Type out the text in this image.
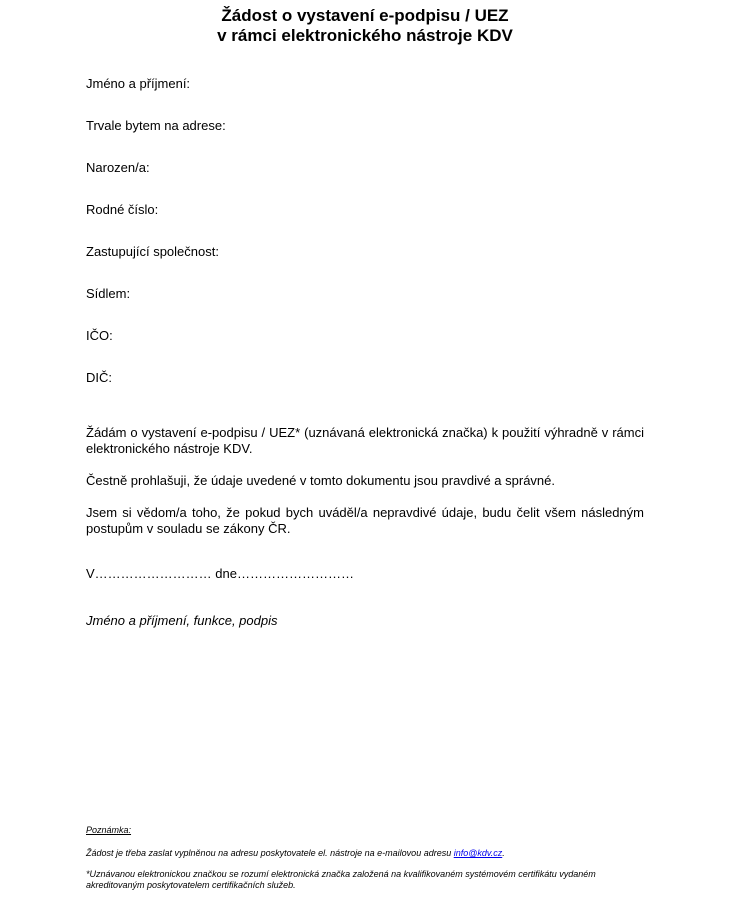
Žádost o vystavení e-podpisu / UEZ
v rámci elektronického nástroje KDV
Jméno a příjmení:
Trvale bytem na adrese:
Narozen/a:
Rodné číslo:
Zastupující společnost:
Sídlem:
IČO:
DIČ:
Žádám o vystavení e-podpisu / UEZ* (uznávaná elektronická značka) k použití výhradně v rámci elektronického nástroje KDV.
Čestně prohlašuji, že údaje uvedené v tomto dokumentu jsou pravdivé a správné.
Jsem si vědom/a toho, že pokud bych uváděl/a nepravdivé údaje, budu čelit všem následným postupům v souladu se zákony ČR.
V……………………… dne………………………
Jméno a příjmení, funkce, podpis
Poznámka:
Žádost je třeba zaslat vyplněnou na adresu poskytovatele el. nástroje na e-mailovou adresu info@kdv.cz.
*Uznávanou elektronickou značkou se rozumí elektronická značka založená na kvalifikovaném systémovém certifikátu vydaném akreditovaným poskytovatelem certifikačních služeb.
